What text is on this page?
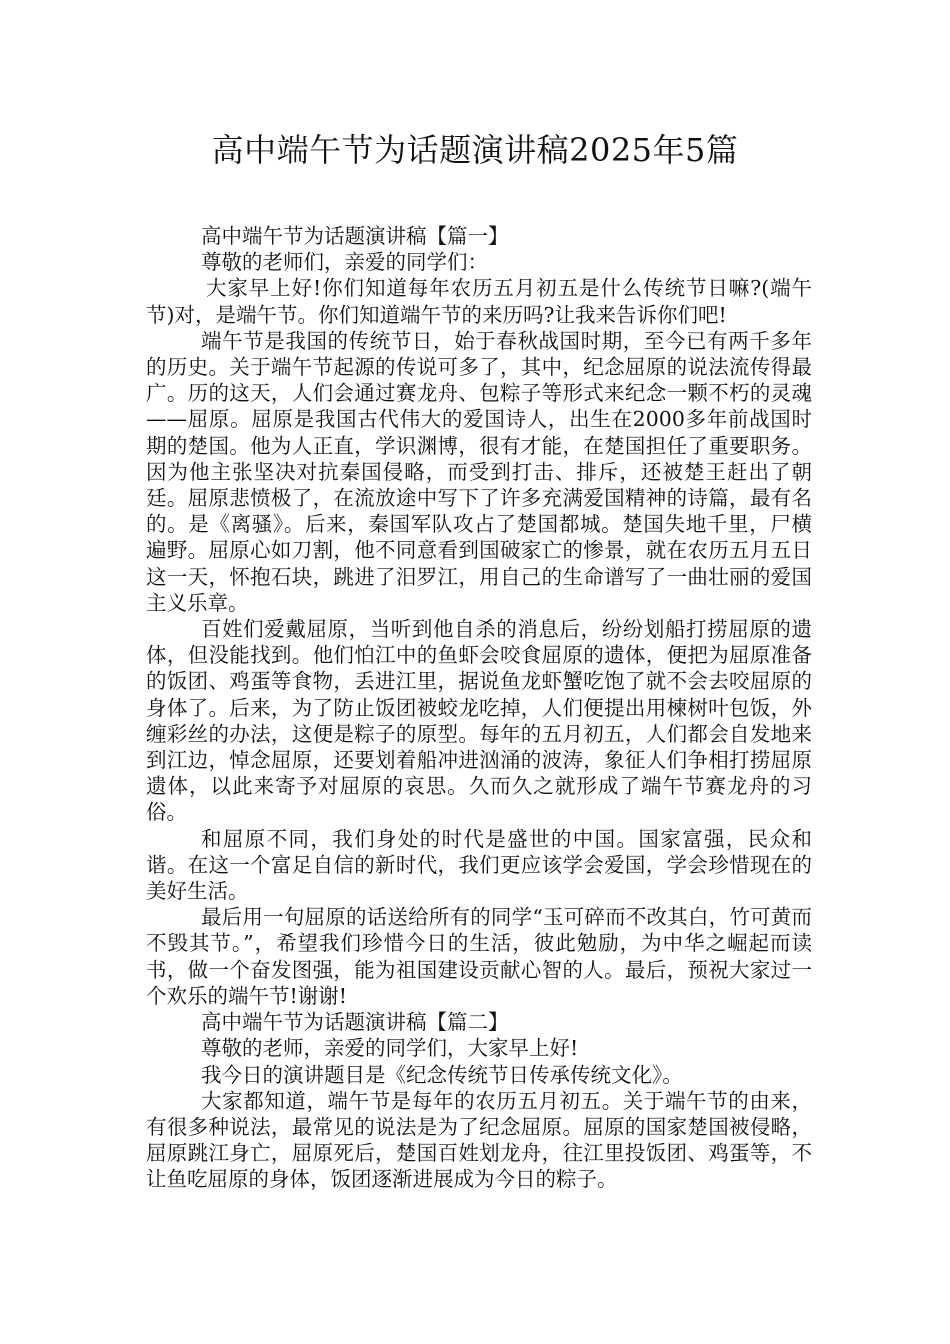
高中端午节为话题演讲稿2025年5篇

高中端午节为话题演讲稿【篇一】

尊敬的老师们，亲爱的同学们：

大家早上好!你们知道每年农历五月初五是什么传统节日嘛?(端午节)对，是端午节。你们知道端午节的来历吗?让我来告诉你们吧!

端午节是我国的传统节日，始于春秋战国时期，至今已有两千多年的历史。关于端午节起源的传说可多了，其中，纪念屈原的说法流传得最广。历的这天，人们会通过赛龙舟、包粽子等形式来纪念一颗不朽的灵魂——屈原。屈原是我国古代伟大的爱国诗人，出生在2000多年前战国时期的楚国。他为人正直，学识渊博，很有才能，在楚国担任了重要职务。因为他主张坚决对抗秦国侵略，而受到打击、排斥，还被楚王赶出了朝廷。屈原悲愤极了，在流放途中写下了许多充满爱国精神的诗篇，最有名的。是《离骚》。后来，秦国军队攻占了楚国都城。楚国失地千里，尸横遍野。屈原心如刀割，他不同意看到国破家亡的惨景，就在农历五月五日这一天，怀抱石块，跳进了汨罗江，用自己的生命谱写了一曲壮丽的爱国主义乐章。

百姓们爱戴屈原，当听到他自杀的消息后，纷纷划船打捞屈原的遗体，但没能找到。他们怕江中的鱼虾会咬食屈原的遗体，便把为屈原准备的饭团、鸡蛋等食物，丢进江里，据说鱼龙虾蟹吃饱了就不会去咬屈原的身体了。后来，为了防止饭团被蛟龙吃掉，人们便提出用楝树叶包饭，外缠彩丝的办法，这便是粽子的原型。每年的五月初五，人们都会自发地来到江边，悼念屈原，还要划着船冲进汹涌的波涛，象征人们争相打捞屈原遗体，以此来寄予对屈原的哀思。久而久之就形成了端午节赛龙舟的习俗。

和屈原不同，我们身处的时代是盛世的中国。国家富强，民众和谐。在这一个富足自信的新时代，我们更应该学会爱国，学会珍惜现在的美好生活。

最后用一句屈原的话送给所有的同学“玉可碎而不改其白，竹可黄而不毁其节。”，希望我们珍惜今日的生活，彼此勉励，为中华之崛起而读书，做一个奋发图强，能为祖国建设贡献心智的人。最后，预祝大家过一个欢乐的端午节!谢谢!

高中端午节为话题演讲稿【篇二】

尊敬的老师，亲爱的同学们，大家早上好!

我今日的演讲题目是《纪念传统节日传承传统文化》。

大家都知道，端午节是每年的农历五月初五。关于端午节的由来，有很多种说法，最常见的说法是为了纪念屈原。屈原的国家楚国被侵略，屈原跳江身亡，屈原死后，楚国百姓划龙舟，往江里投饭团、鸡蛋等，不让鱼吃屈原的身体，饭团逐渐进展成为今日的粽子。
